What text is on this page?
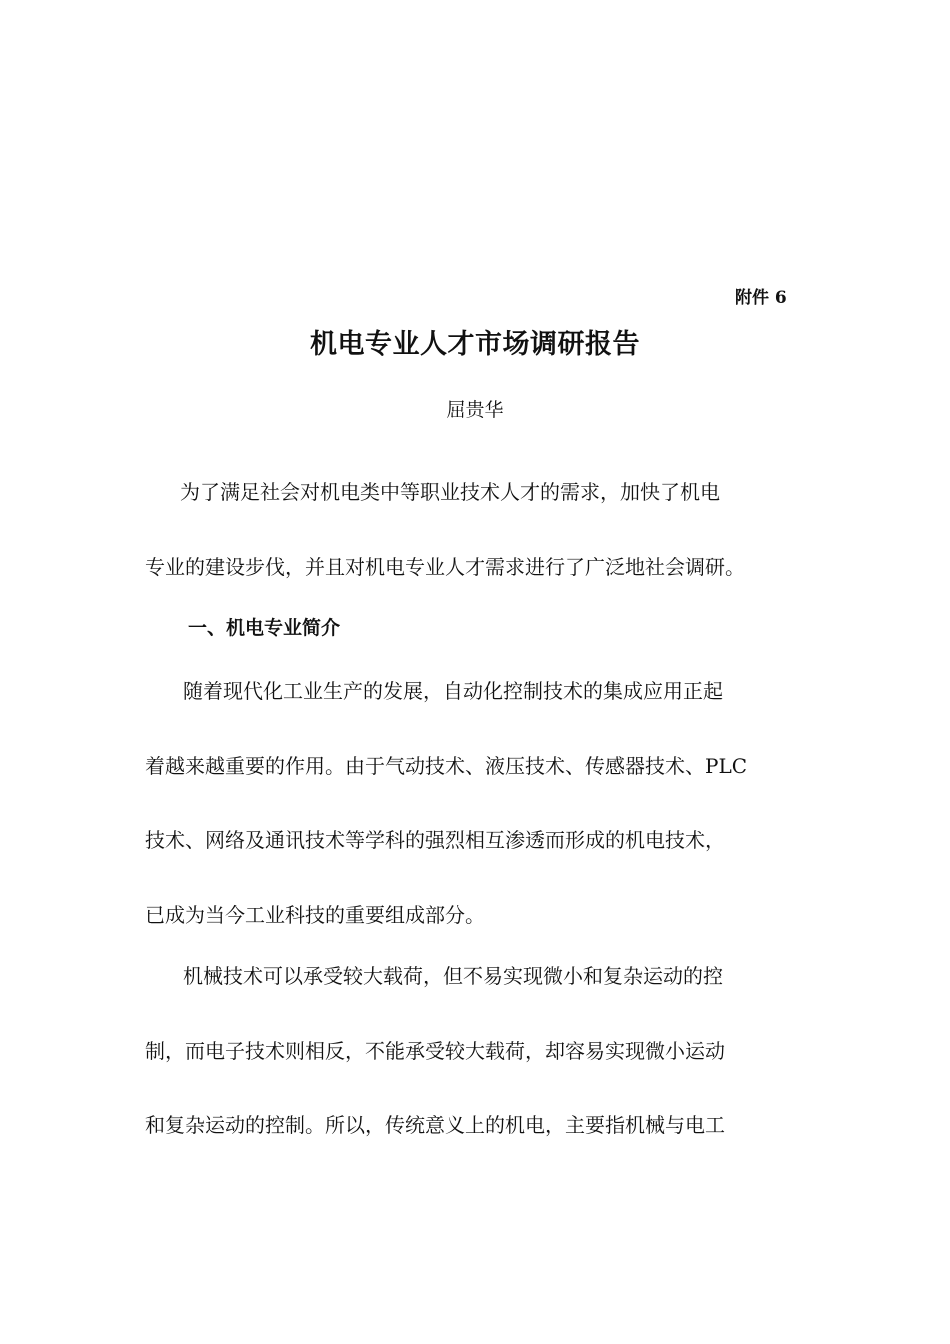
附件 6
机电专业人才市场调研报告
屈贵华
为了满足社会对机电类中等职业技术人才的需求，加快了机电
专业的建设步伐，并且对机电专业人才需求进行了广泛地社会调研。
一、机电专业简介
随着现代化工业生产的发展，自动化控制技术的集成应用正起
着越来越重要的作用。由于气动技术、液压技术、传感器技术、PLC
技术、网络及通讯技术等学科的强烈相互渗透而形成的机电技术，
已成为当今工业科技的重要组成部分。
机械技术可以承受较大载荷，但不易实现微小和复杂运动的控
制，而电子技术则相反，不能承受较大载荷，却容易实现微小运动
和复杂运动的控制。所以，传统意义上的机电，主要指机械与电工
